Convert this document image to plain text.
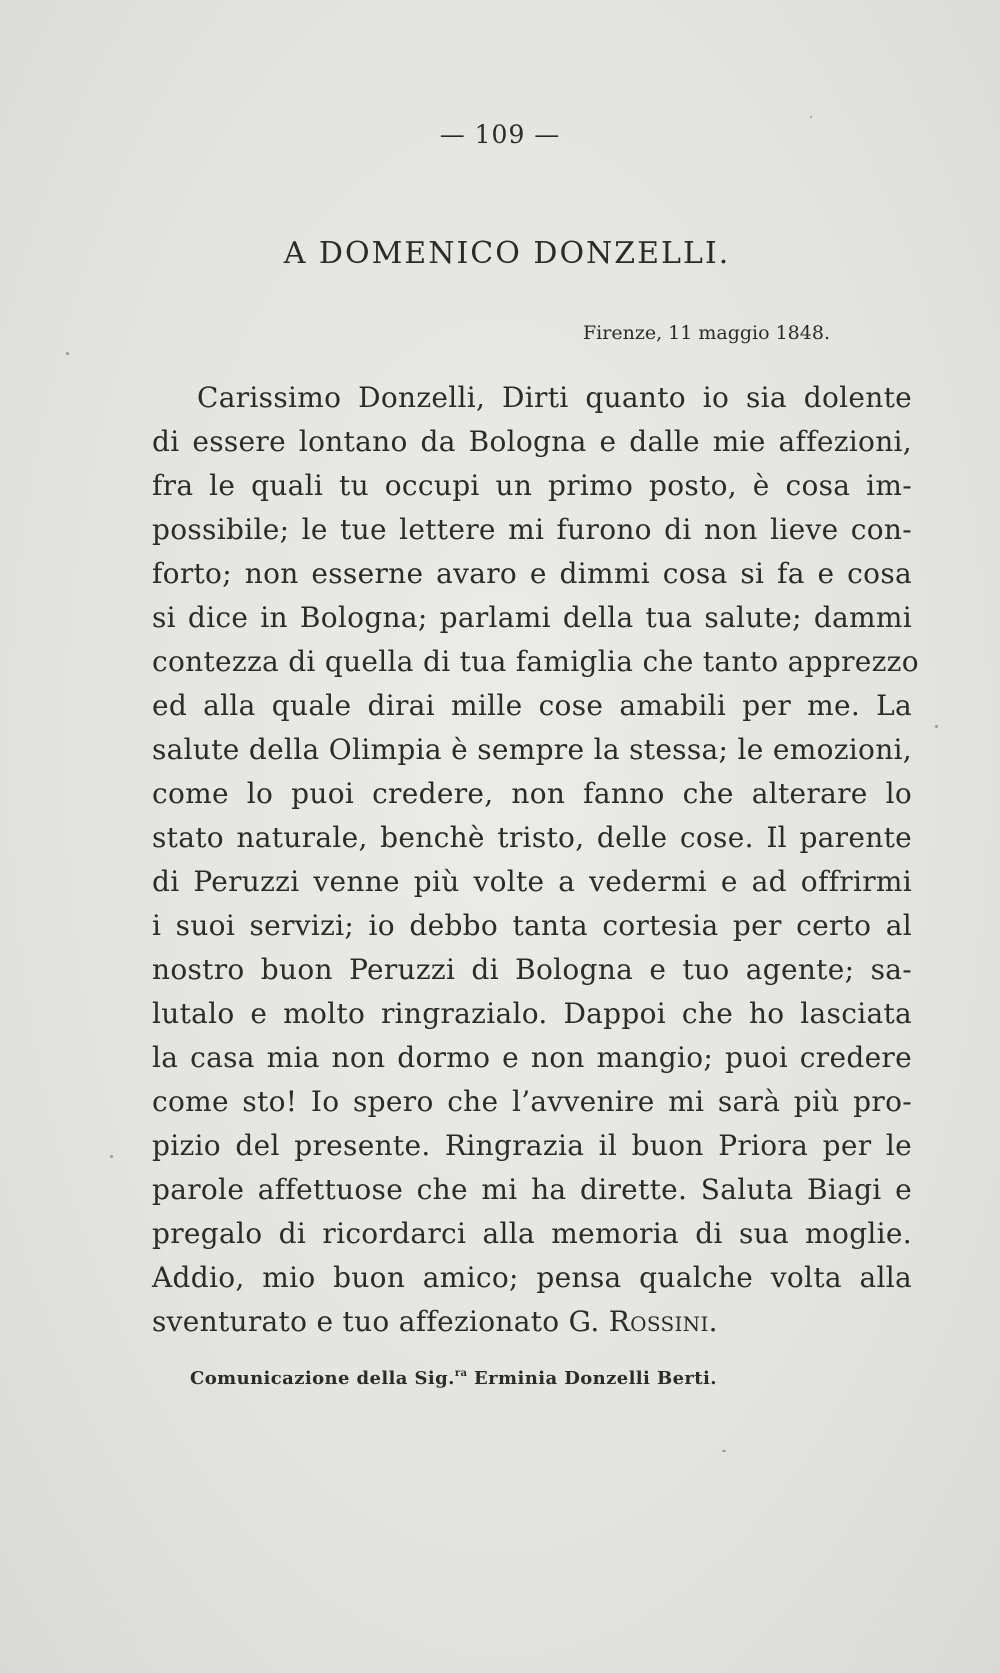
— 109 —
A DOMENICO DONZELLI.
Firenze, 11 maggio 1848.
Carissimo Donzelli, Dirti quanto io sia dolente
di essere lontano da Bologna e dalle mie affezioni,
fra le quali tu occupi un primo posto, è cosa im-
possibile; le tue lettere mi furono di non lieve con-
forto; non esserne avaro e dimmi cosa si fa e cosa
si dice in Bologna; parlami della tua salute; dammi
contezza di quella di tua famiglia che tanto apprezzo
ed alla quale dirai mille cose amabili per me. La
salute della Olimpia è sempre la stessa; le emozioni,
come lo puoi credere, non fanno che alterare lo
stato naturale, benchè tristo, delle cose. Il parente
di Peruzzi venne più volte a vedermi e ad offrirmi
i suoi servizi; io debbo tanta cortesia per certo al
nostro buon Peruzzi di Bologna e tuo agente; sa-
lutalo e molto ringrazialo. Dappoi che ho lasciata
la casa mia non dormo e non mangio; puoi credere
come sto! Io spero che l’avvenire mi sarà più pro-
pizio del presente. Ringrazia il buon Priora per le
parole affettuose che mi ha dirette. Saluta Biagi e
pregalo di ricordarci alla memoria di sua moglie.
Addio, mio buon amico; pensa qualche volta alla
sventurato e tuo affezionato G. Rossini.
Comunicazione della Sig.$^{ra}$ Erminia Donzelli Berti.
